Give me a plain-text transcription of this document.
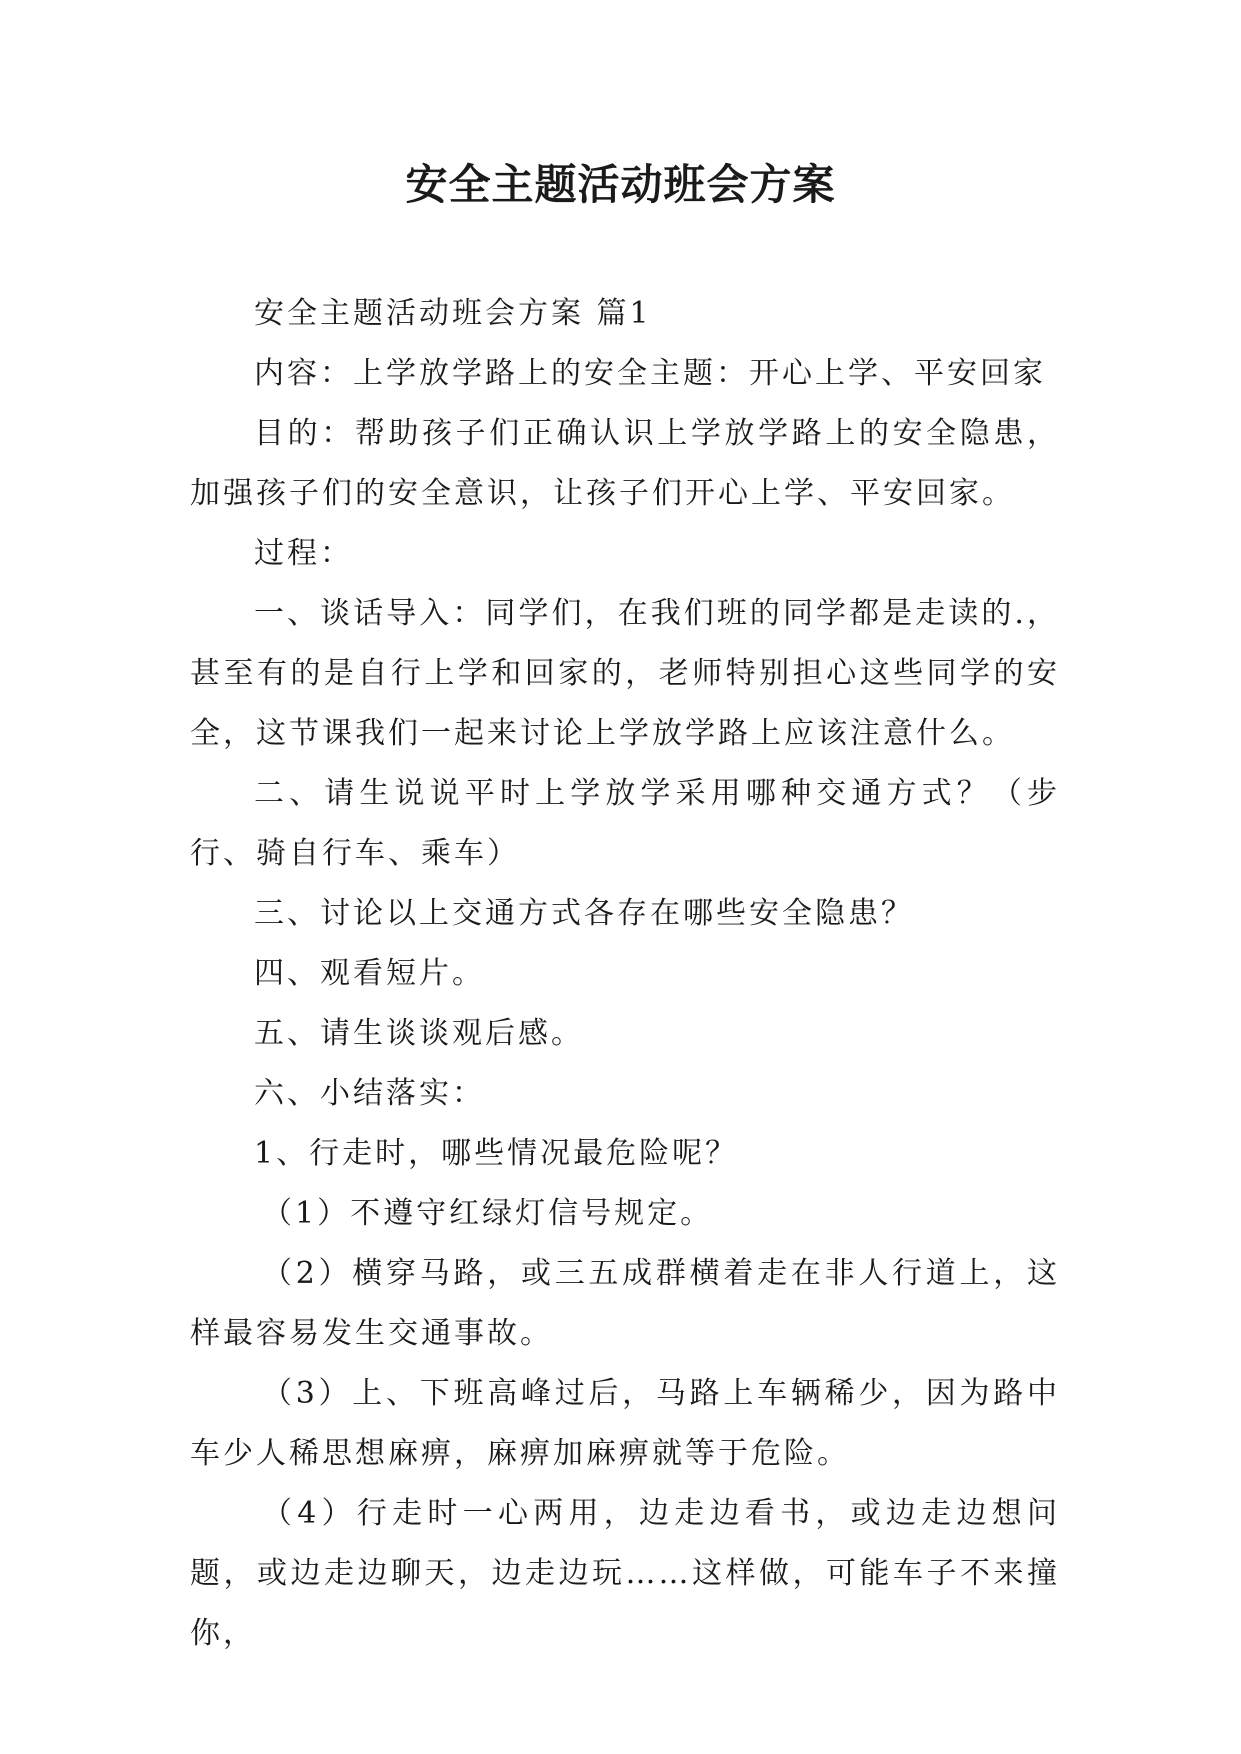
安全主题活动班会方案

安全主题活动班会方案 篇1

内容：上学放学路上的安全主题：开心上学、平安回家

目的：帮助孩子们正确认识上学放学路上的安全隐患，加强孩子们的安全意识，让孩子们开心上学、平安回家。

过程：

一、谈话导入：同学们，在我们班的同学都是走读的.，甚至有的是自行上学和回家的，老师特别担心这些同学的安全，这节课我们一起来讨论上学放学路上应该注意什么。

二、请生说说平时上学放学采用哪种交通方式？（步行、骑自行车、乘车）

三、讨论以上交通方式各存在哪些安全隐患？

四、观看短片。

五、请生谈谈观后感。

六、小结落实：

1、行走时，哪些情况最危险呢？

（1）不遵守红绿灯信号规定。

（2）横穿马路，或三五成群横着走在非人行道上，这样最容易发生交通事故。

（3）上、下班高峰过后，马路上车辆稀少，因为路中车少人稀思想麻痹，麻痹加麻痹就等于危险。

（4）行走时一心两用，边走边看书，或边走边想问题，或边走边聊天，边走边玩……这样做，可能车子不来撞你，
